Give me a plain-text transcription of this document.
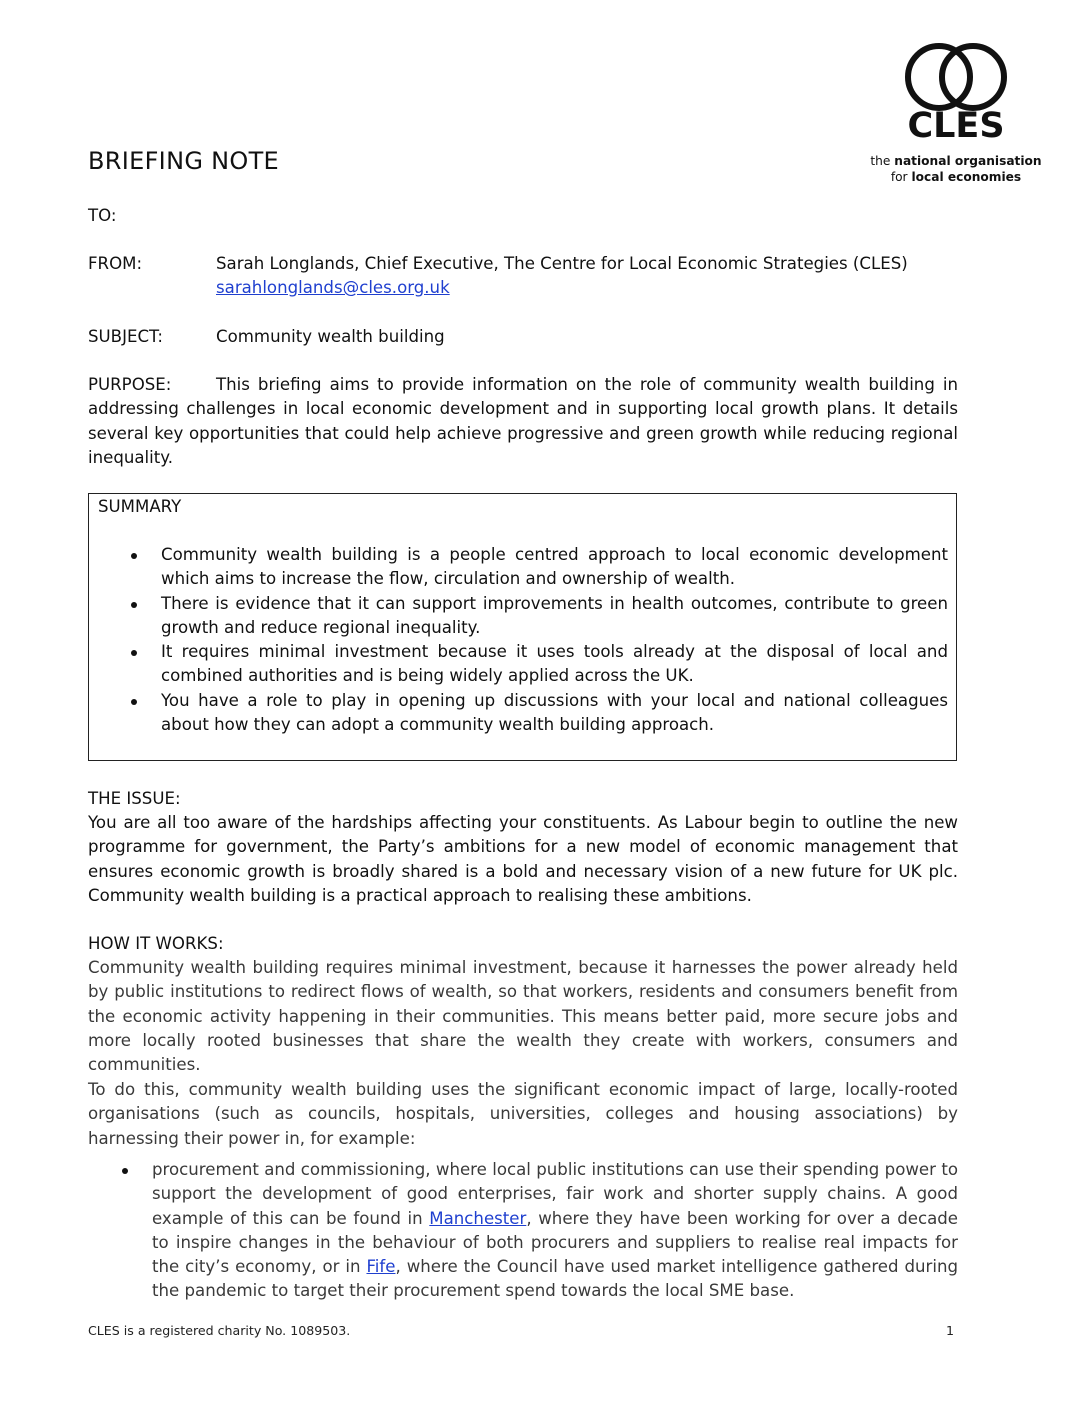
CLES
the national organisation
for local economies
BRIEFING NOTE
TO:
FROM:	Sarah Longlands, Chief Executive, The Centre for Local Economic Strategies (CLES)
sarahlonglands@cles.org.uk
SUBJECT:	Community wealth building
PURPOSE:	This briefing aims to provide information on the role of community wealth building in addressing challenges in local economic development and in supporting local growth plans. It details several key opportunities that could help achieve progressive and green growth while reducing regional inequality.
SUMMARY
Community wealth building is a people centred approach to local economic development which aims to increase the flow, circulation and ownership of wealth.
There is evidence that it can support improvements in health outcomes, contribute to green growth and reduce regional inequality.
It requires minimal investment because it uses tools already at the disposal of local and combined authorities and is being widely applied across the UK.
You have a role to play in opening up discussions with your local and national colleagues about how they can adopt a community wealth building approach.
THE ISSUE:
You are all too aware of the hardships affecting your constituents. As Labour begin to outline the new programme for government, the Party’s ambitions for a new model of economic management that ensures economic growth is broadly shared is a bold and necessary vision of a new future for UK plc. Community wealth building is a practical approach to realising these ambitions.
HOW IT WORKS:
Community wealth building requires minimal investment, because it harnesses the power already held by public institutions to redirect flows of wealth, so that workers, residents and consumers benefit from the economic activity happening in their communities. This means better paid, more secure jobs and more locally rooted businesses that share the wealth they create with workers, consumers and communities.
To do this, community wealth building uses the significant economic impact of large, locally-rooted organisations (such as councils, hospitals, universities, colleges and housing associations) by harnessing their power in, for example:
procurement and commissioning, where local public institutions can use their spending power to support the development of good enterprises, fair work and shorter supply chains. A good example of this can be found in Manchester, where they have been working for over a decade to inspire changes in the behaviour of both procurers and suppliers to realise real impacts for the city’s economy, or in Fife, where the Council have used market intelligence gathered during the pandemic to target their procurement spend towards the local SME base.
CLES is a registered charity No. 1089503.	1
